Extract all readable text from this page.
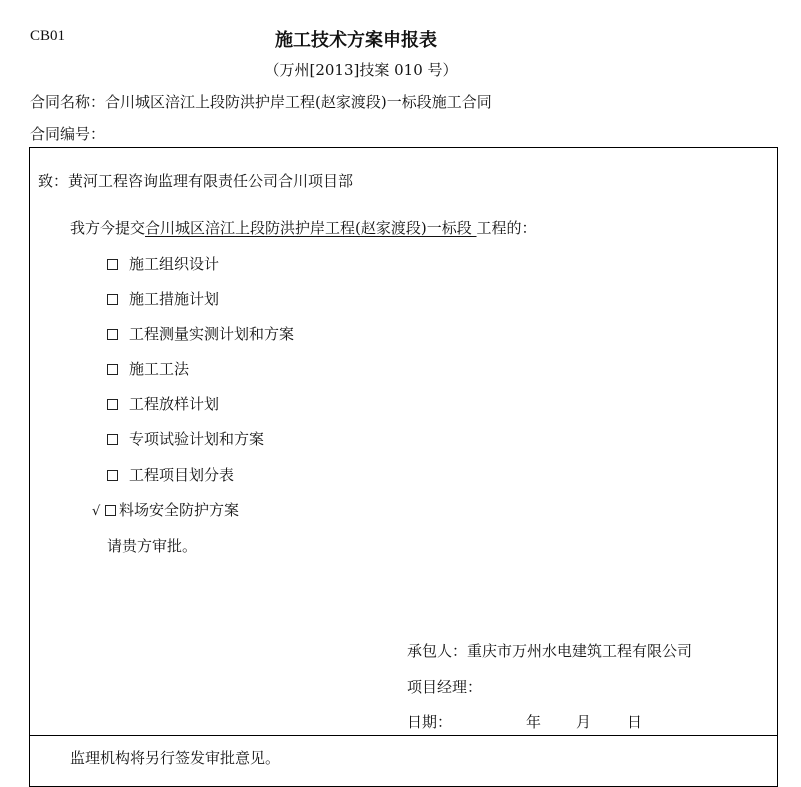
CB01	施工技术方案申报表
（万州[2013]技案 010 号）
合同名称：合川城区涪江上段防洪护岸工程(赵家渡段)一标段施工合同
合同编号：
致：黄河工程咨询监理有限责任公司合川项目部
我方今提交合川城区涪江上段防洪护岸工程(赵家渡段)一标段 工程的：
施工组织设计
施工措施计划
工程测量实测计划和方案
施工工法
工程放样计划
专项试验计划和方案
工程项目划分表
√ 料场安全防护方案
请贵方审批。
承包人：重庆市万州水电建筑工程有限公司
项目经理：
日期：	年 月 日
监理机构将另行签发审批意见。
